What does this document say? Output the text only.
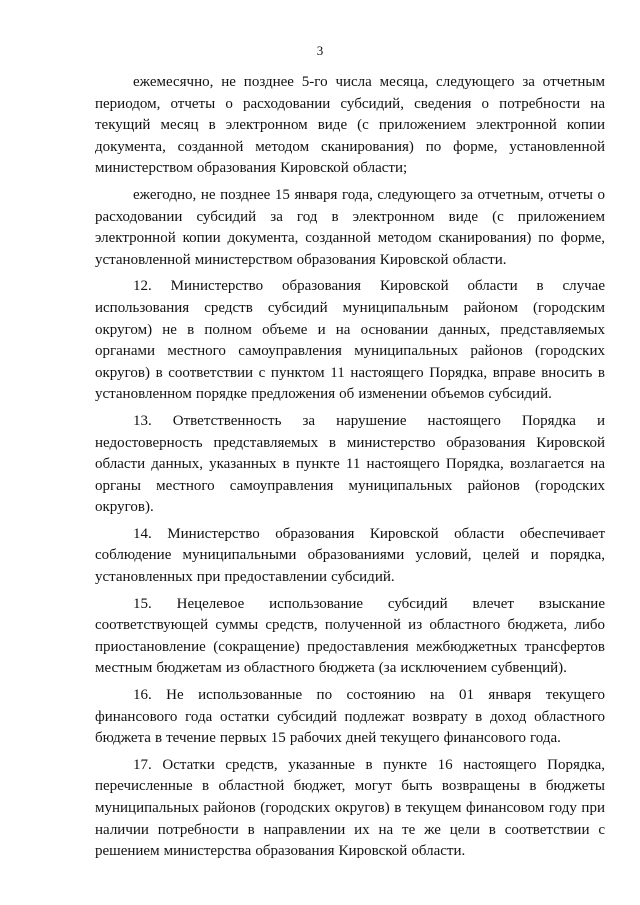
3

ежемесячно, не позднее 5-го числа месяца, следующего за отчетным периодом, отчеты о расходовании субсидий, сведения о потребности на текущий месяц в электронном виде (с приложением электронной копии документа, созданной методом сканирования) по форме, установленной министерством образования Кировской области;

ежегодно, не позднее 15 января года, следующего за отчетным, отчеты о расходовании субсидий за год в электронном виде (с приложением электронной копии документа, созданной методом сканирования) по форме, установленной министерством образования Кировской области.

12. Министерство образования Кировской области в случае использования средств субсидий муниципальным районом (городским округом) не в полном объеме и на основании данных, представляемых органами местного самоуправления муниципальных районов (городских округов) в соответствии с пунктом 11 настоящего Порядка, вправе вносить в установленном порядке предложения об изменении объемов субсидий.

13. Ответственность за нарушение настоящего Порядка и недостоверность представляемых в министерство образования Кировской области данных, указанных в пункте 11 настоящего Порядка, возлагается на органы местного самоуправления муниципальных районов (городских округов).

14. Министерство образования Кировской области обеспечивает соблюдение муниципальными образованиями условий, целей и порядка, установленных при предоставлении субсидий.

15. Нецелевое использование субсидий влечет взыскание соответствующей суммы средств, полученной из областного бюджета, либо приостановление (сокращение) предоставления межбюджетных трансфертов местным бюджетам из областного бюджета (за исключением субвенций).

16. Не использованные по состоянию на 01 января текущего финансового года остатки субсидий подлежат возврату в доход областного бюджета в течение первых 15 рабочих дней текущего финансового года.

17. Остатки средств, указанные в пункте 16 настоящего Порядка, перечисленные в областной бюджет, могут быть возвращены в бюджеты муниципальных районов (городских округов) в текущем финансовом году при наличии потребности в направлении их на те же цели в соответствии с решением министерства образования Кировской области.
